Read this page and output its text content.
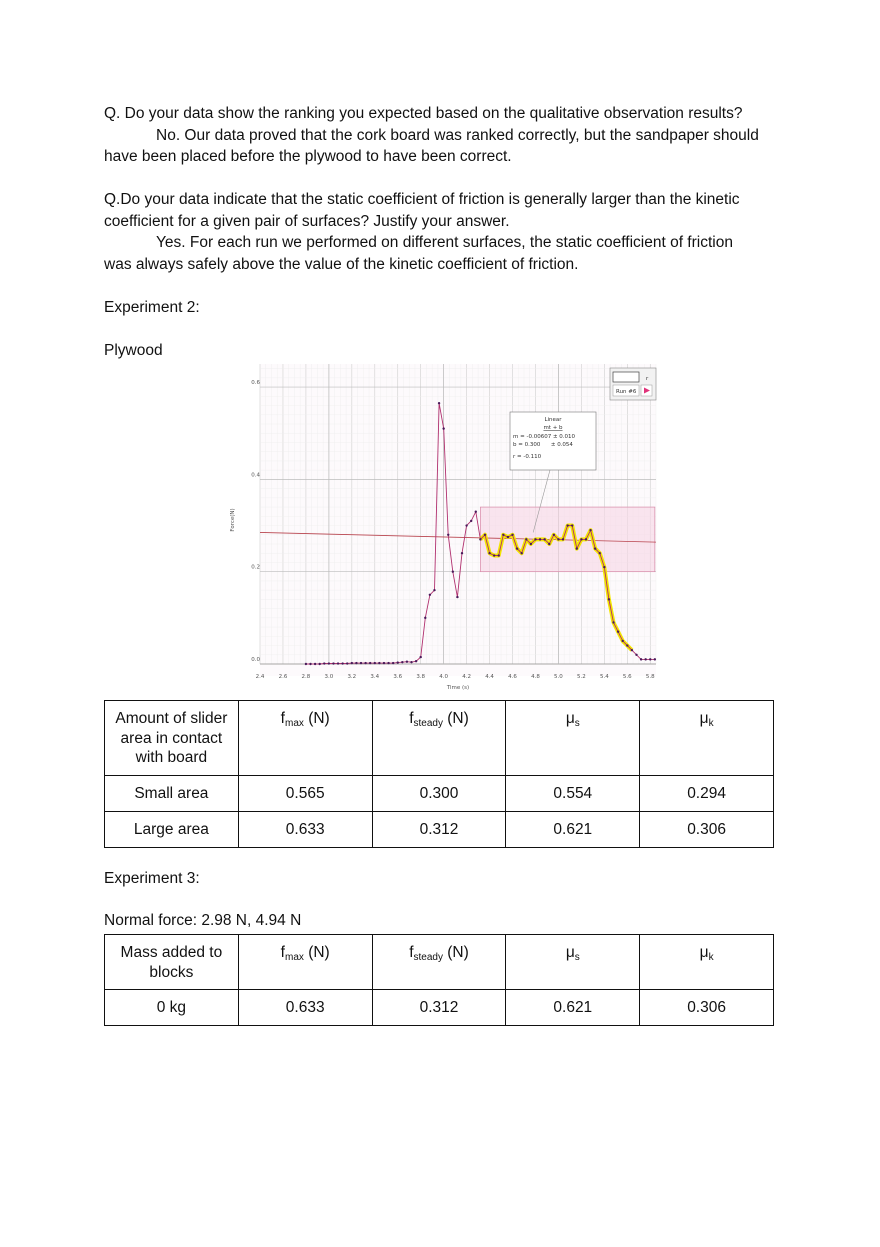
Q. Do your data show the ranking you expected based on the qualitative observation results?
No. Our data proved that the cork board was ranked correctly, but the sandpaper should
have been placed before the plywood to have been correct.
Q.Do your data indicate that the static coefficient of friction is generally larger than the kinetic
coefficient for a given pair of surfaces? Justify your answer.
Yes. For each run we performed on different surfaces, the static coefficient of friction
was always safely above the value of the kinetic coefficient of friction.
Experiment 2:
Plywood
2.4	2.6	2.8	3.0	3.2	3.4	3.6	3.8	4.0	4.2	4.4	4.6	4.8	5.0	5.2	5.4	5.6	5.8
0.0
0.2
0.4
0.6
Linear
mt + b
m = -0.00607 ± 0.010
b = 0.300      ± 0.054
r = -0.110
r
Run #6
Time (s)
Force(N)
Amount of slider area in contact with board	$f_{max}$ (N)	$f_{steady}$ (N)	$\mu_s$	$\mu_k$
Small area	0.565	0.300	0.554	0.294
Large area	0.633	0.312	0.621	0.306
Experiment 3:
Normal force: 2.98 N, 4.94 N
Mass added to blocks	$f_{max}$ (N)	$f_{steady}$ (N)	$\mu_s$	$\mu_k$
0 kg	0.633	0.312	0.621	0.306
